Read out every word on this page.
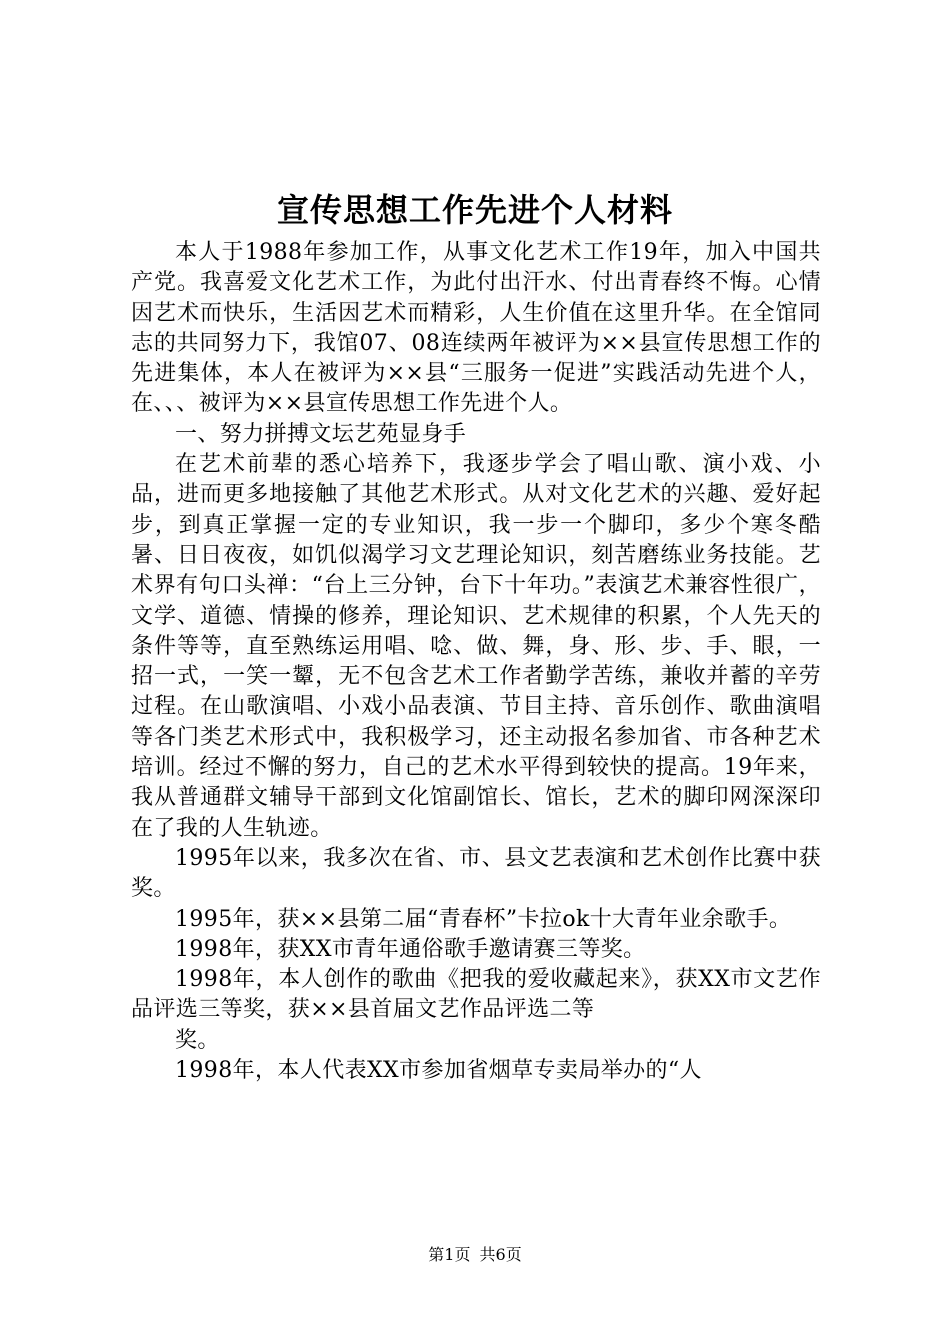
宣传思想工作先进个人材料

本人于1988年参加工作，从事文化艺术工作19年，加入中国共产党。我喜爱文化艺术工作，为此付出汗水、付出青春终不悔。心情因艺术而快乐，生活因艺术而精彩，人生价值在这里升华。在全馆同志的共同努力下，我馆07、08连续两年被评为××县宣传思想工作的先进集体，本人在被评为××县“三服务一促进”实践活动先进个人，在、、、被评为××县宣传思想工作先进个人。

一、努力拼搏文坛艺苑显身手

在艺术前辈的悉心培养下，我逐步学会了唱山歌、演小戏、小品，进而更多地接触了其他艺术形式。从对文化艺术的兴趣、爱好起步，到真正掌握一定的专业知识，我一步一个脚印，多少个寒冬酷暑、日日夜夜，如饥似渴学习文艺理论知识，刻苦磨练业务技能。艺术界有句口头禅：“台上三分钟，台下十年功。”表演艺术兼容性很广，文学、道德、情操的修养，理论知识、艺术规律的积累，个人先天的条件等等，直至熟练运用唱、唸、做、舞，身、形、步、手、眼，一招一式，一笑一颦，无不包含艺术工作者勤学苦练，兼收并蓄的辛劳过程。在山歌演唱、小戏小品表演、节目主持、音乐创作、歌曲演唱等各门类艺术形式中，我积极学习，还主动报名参加省、市各种艺术培训。经过不懈的努力，自己的艺术水平得到较快的提高。19年来，我从普通群文辅导干部到文化馆副馆长、馆长，艺术的脚印网深深印在了我的人生轨迹。

1995年以来，我多次在省、市、县文艺表演和艺术创作比赛中获奖。

1995年，获××县第二届“青春杯”卡拉ok十大青年业余歌手。

1998年，获XX市青年通俗歌手邀请赛三等奖。

1998年，本人创作的歌曲《把我的爱收藏起来》，获XX市文艺作品评选三等奖，获××县首届文艺作品评选二等

奖。

1998年，本人代表XX市参加省烟草专卖局举办的“人

第1页 共6页
